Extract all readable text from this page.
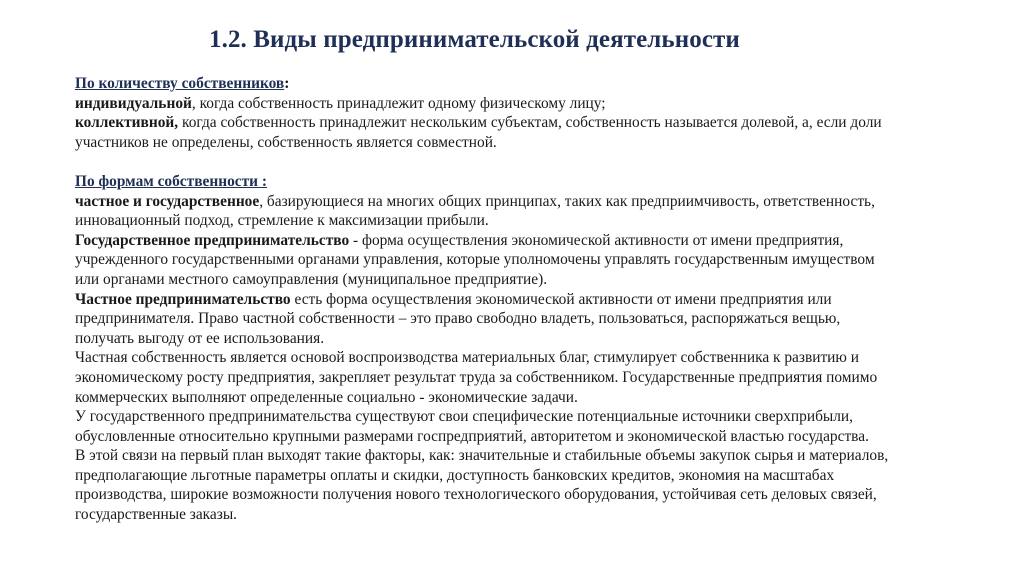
1.2. Виды предпринимательской деятельности

По количеству собственников:

индивидуальной, когда собственность принадлежит одному физическому лицу;

коллективной, когда собственность принадлежит нескольким субъектам, собственность называется долевой, а, если доли

участников не определены, собственность является совместной.

По формам собственности :

частное и государственное, базирующиеся на многих общих принципах, таких как предприимчивость, ответственность,

инновационный подход, стремление к максимизации прибыли.

Государственное предпринимательство - форма осуществления экономической активности от имени предприятия,

учрежденного государственными органами управления, которые уполномочены управлять государственным имуществом

или органами местного самоуправления (муниципальное предприятие).

Частное предпринимательство есть форма осуществления экономической активности от имени предприятия или

предпринимателя. Право частной собственности – это право свободно владеть, пользоваться, распоряжаться вещью,

получать выгоду от ее использования.

Частная собственность является основой воспроизводства материальных благ, стимулирует собственника к развитию и

экономическому росту предприятия, закрепляет результат труда за собственником. Государственные предприятия помимо

коммерческих выполняют определенные социально - экономические задачи.

У государственного предпринимательства существуют свои специфические потенциальные источники сверхприбыли,

обусловленные относительно крупными размерами госпредприятий, авторитетом и экономической властью государства.

В этой связи на первый план выходят такие факторы, как: значительные и стабильные объемы закупок сырья и материалов,

предполагающие льготные параметры оплаты и скидки, доступность банковских кредитов, экономия на масштабах

производства, широкие возможности получения нового технологического оборудования, устойчивая сеть деловых связей,

государственные заказы.
